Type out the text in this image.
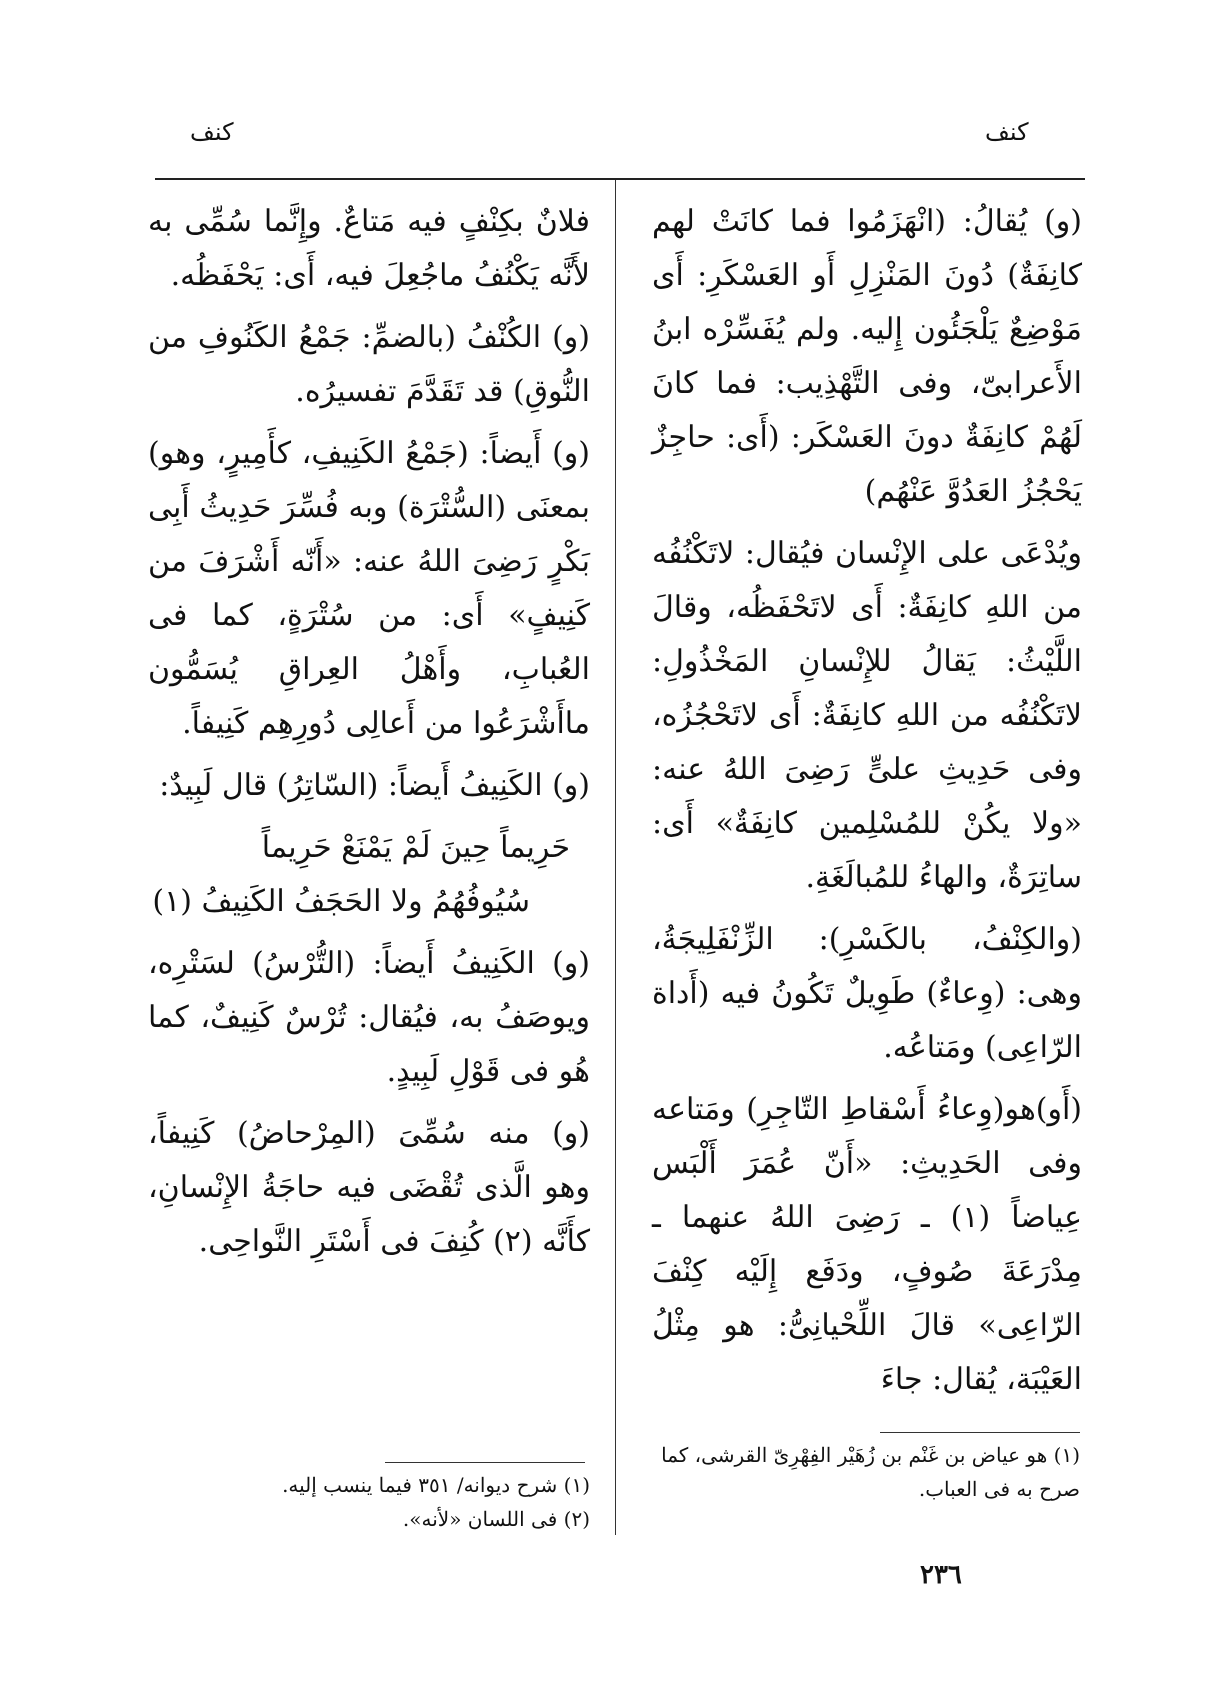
كنف
كنف

(و) يُقالُ: (انْهَزَمُوا فما كانَتْ لهم كانِفَةٌ) دُونَ المَنْزِلِ أَو العَسْكَرِ: أَى مَوْضِعٌ يَلْجَئُون إِليه. ولم يُفَسِّرْه ابنُ الأَعرابىّ، وفى التَّهْذِيب: فما كانَ لَهُمْ كانِفَةٌ دونَ العَسْكَر: (أَى: حاجِزٌ يَحْجُزُ العَدُوَّ عَنْهُم)

ويُدْعَى على الإِنْسان فيُقال: لاتَكْنُفُه من اللهِ كانِفَةٌ: أَى لاتَحْفَظُه، وقالَ اللَّيْثُ: يَقالُ للإِنْسانِ المَخْذُولِ: لاتَكْنُفُه من اللهِ كانِفَةٌ: أَى لاتَحْجُزُه، وفى حَدِيثِ علىٍّ رَضِىَ اللهُ عنه: «ولا يكُنْ للمُسْلِمين كانِفَةٌ» أَى: ساتِرَةٌ، والهاءُ للمُبالَغَةِ.

(والكِنْفُ، بالكَسْرِ): الزِّنْفَلِيجَةُ، وهى: (وِعاءٌ) طَوِيلٌ تَكُونُ فيه (أَداة الرّاعِى) ومَتاعُه.

(أَو)هو(وِعاءُ أَسْقاطِ التّاجِرِ) ومَتاعه وفى الحَدِيثِ: «أَنّ عُمَرَ أَلْبَس عِياضاً (١) ـ رَضِىَ اللهُ عنهما ـ مِدْرَعَةَ صُوفٍ، ودَفَع إِلَيْه كِنْفَ الرّاعِى» قالَ اللِّحْيانِىُّ: هو مِثْلُ العَيْبَة، يُقال: جاءَ

فلانٌ بكِنْفٍ فيه مَتاعٌ. وإِنَّما سُمِّى به لأَنَّه يَكْنُفُ ماجُعِلَ فيه، أَى: يَحْفَظُه.

(و) الكُنْفُ (بالضمِّ: جَمْعُ الكَنُوفِ من النُّوقِ) قد تَقَدَّمَ تفسيرُه.

(و) أَيضاً: (جَمْعُ الكَنِيفِ، كأَمِيرٍ، وهو) بمعنَى (السُّتْرَة) وبه فُسِّرَ حَدِيثُ أَبِى بَكْرٍ رَضِىَ اللهُ عنه: «أَنّه أَشْرَفَ من كَنِيفٍ» أَى: من سُتْرَةٍ، كما فى العُبابِ، وأَهْلُ العِراقِ يُسَمُّون ماأَشْرَعُوا من أَعالِى دُورِهِم كَنِيفاً.

(و) الكَنِيفُ أَيضاً: (السّاتِرُ) قال لَبِيدٌ:

حَرِيماً حِينَ لَمْ يَمْنَعْ حَرِيماً
سُيُوفُهُمُ ولا الحَجَفُ الكَنِيفُ (١)

(و) الكَنِيفُ أَيضاً: (التُّرْسُ) لسَتْرِه، ويوصَفُ به، فيُقال: تُرْسٌ كَنِيفٌ، كما هُو فى قَوْلِ لَبِيدٍ.

(و) منه سُمِّىَ (المِرْحاضُ) كَنِيفاً، وهو الَّذى تُقْضَى فيه حاجَةُ الإِنْسانِ، كأَنَّه (٢) كُنِفَ فى أَسْتَرِ النَّواحِى.

(١) هو عياض بن غَنْم بن زُهَيْر الفِهْرِىّ القرشى، كما صرح به فى العباب.

(١) شرح ديوانه/ ٣٥١ فيما ينسب إليه.

(٢) فى اللسان «لأنه».

٢٣٦
